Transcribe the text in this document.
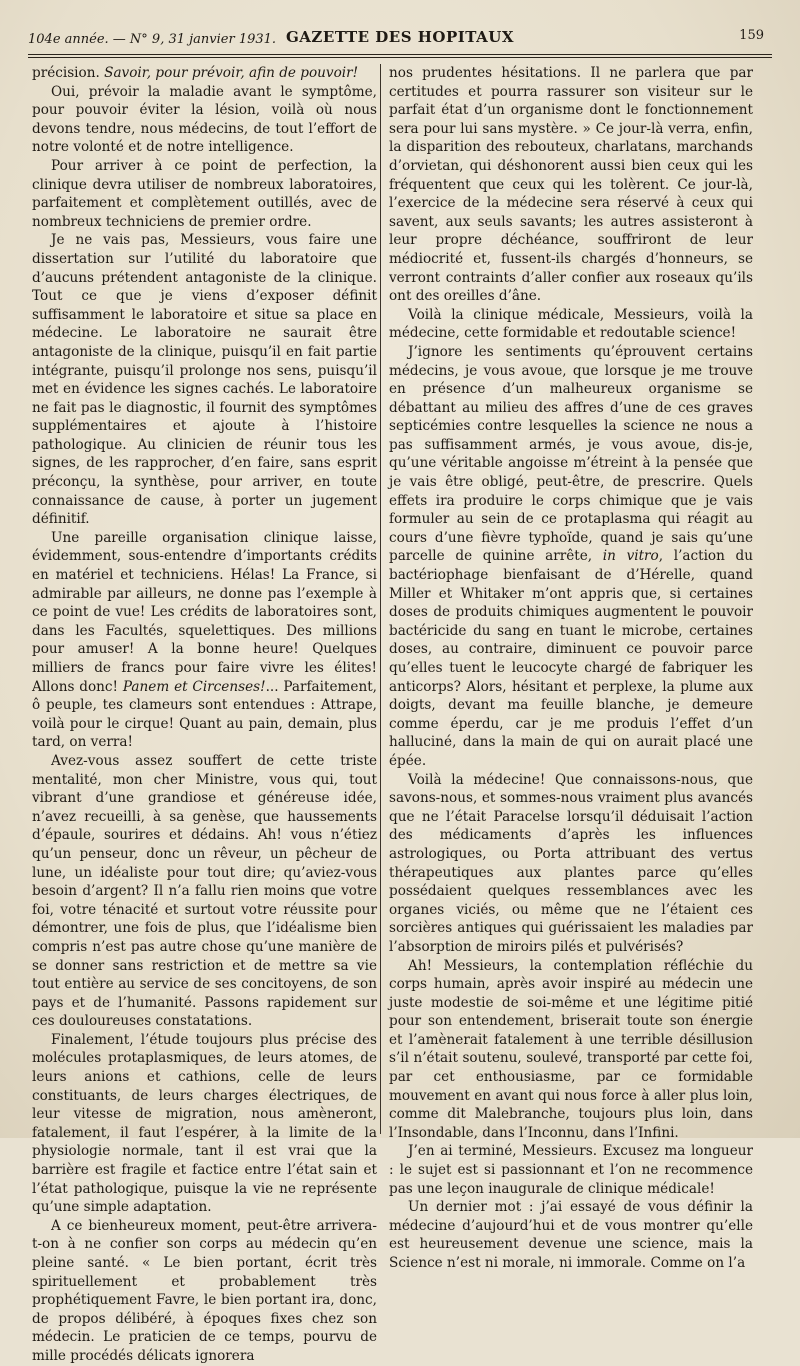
104e année. — N° 9, 31 janvier 1931. GAZETTE DES HOPITAUX	159

précision. Savoir, pour prévoir, afin de pouvoir!

Oui, prévoir la maladie avant le symptôme, pour pouvoir éviter la lésion, voilà où nous devons tendre, nous médecins, de tout l’effort de notre volonté et de notre intelligence.

Pour arriver à ce point de perfection, la clinique devra utiliser de nombreux laboratoires, parfaitement et complètement outillés, avec de nombreux techniciens de premier ordre.

Je ne vais pas, Messieurs, vous faire une dissertation sur l’utilité du laboratoire que d’aucuns prétendent antagoniste de la clinique. Tout ce que je viens d’exposer définit suffisamment le laboratoire et situe sa place en médecine. Le laboratoire ne saurait être antagoniste de la clinique, puisqu’il en fait partie intégrante, puisqu’il prolonge nos sens, puisqu’il met en évidence les signes cachés. Le laboratoire ne fait pas le diagnostic, il fournit des symptômes supplémentaires et ajoute à l’histoire pathologique. Au clinicien de réunir tous les signes, de les rapprocher, d’en faire, sans esprit préconçu, la synthèse, pour arriver, en toute connaissance de cause, à porter un jugement définitif.

Une pareille organisation clinique laisse, évidemment, sous-entendre d’importants crédits en matériel et techniciens. Hélas! La France, si admirable par ailleurs, ne donne pas l’exemple à ce point de vue! Les crédits de laboratoires sont, dans les Facultés, squelettiques. Des millions pour amuser! A la bonne heure! Quelques milliers de francs pour faire vivre les élites! Allons donc! Panem et Circenses!... Parfaitement, ô peuple, tes clameurs sont entendues : Attrape, voilà pour le cirque! Quant au pain, demain, plus tard, on verra!

Avez-vous assez souffert de cette triste mentalité, mon cher Ministre, vous qui, tout vibrant d’une grandiose et généreuse idée, n’avez recueilli, à sa genèse, que haussements d’épaule, sourires et dédains. Ah! vous n’étiez qu’un penseur, donc un rêveur, un pêcheur de lune, un idéaliste pour tout dire; qu’aviez-vous besoin d’argent? Il n’a fallu rien moins que votre foi, votre ténacité et surtout votre réussite pour démontrer, une fois de plus, que l’idéalisme bien compris n’est pas autre chose qu’une manière de se donner sans restriction et de mettre sa vie tout entière au service de ses concitoyens, de son pays et de l’humanité. Passons rapidement sur ces douloureuses constatations.

Finalement, l’étude toujours plus précise des molécules protaplasmiques, de leurs atomes, de leurs anions et cathions, celle de leurs constituants, de leurs charges électriques, de leur vitesse de migration, nous amèneront, fatalement, il faut l’espérer, à la limite de la physiologie normale, tant il est vrai que la barrière est fragile et factice entre l’état sain et l’état pathologique, puisque la vie ne représente qu’une simple adaptation.

A ce bienheureux moment, peut-être arrivera-t-on à ne confier son corps au médecin qu’en pleine santé. « Le bien portant, écrit très spirituellement et probablement très prophétiquement Favre, le bien portant ira, donc, de propos délibéré, à époques fixes chez son médecin. Le praticien de ce temps, pourvu de mille procédés délicats ignorera

nos prudentes hésitations. Il ne parlera que par certitudes et pourra rassurer son visiteur sur le parfait état d’un organisme dont le fonctionnement sera pour lui sans mystère. » Ce jour-là verra, enfin, la disparition des rebouteux, charlatans, marchands d’orvietan, qui déshonorent aussi bien ceux qui les fréquentent que ceux qui les tolèrent. Ce jour-là, l’exercice de la médecine sera réservé à ceux qui savent, aux seuls savants; les autres assisteront à leur propre déchéance, souffriront de leur médiocrité et, fussent-ils chargés d’honneurs, se verront contraints d’aller confier aux roseaux qu’ils ont des oreilles d’âne.

Voilà la clinique médicale, Messieurs, voilà la médecine, cette formidable et redoutable science!

J’ignore les sentiments qu’éprouvent certains médecins, je vous avoue, que lorsque je me trouve en présence d’un malheureux organisme se débattant au milieu des affres d’une de ces graves septicémies contre lesquelles la science ne nous a pas suffisamment armés, je vous avoue, dis-je, qu’une véritable angoisse m’étreint à la pensée que je vais être obligé, peut-être, de prescrire. Quels effets ira produire le corps chimique que je vais formuler au sein de ce protaplasma qui réagit au cours d’une fièvre typhoïde, quand je sais qu’une parcelle de quinine arrête, in vitro, l’action du bactériophage bienfaisant de d’Hérelle, quand Miller et Whitaker m’ont appris que, si certaines doses de produits chimiques augmentent le pouvoir bactéricide du sang en tuant le microbe, certaines doses, au contraire, diminuent ce pouvoir parce qu’elles tuent le leucocyte chargé de fabriquer les anticorps? Alors, hésitant et perplexe, la plume aux doigts, devant ma feuille blanche, je demeure comme éperdu, car je me produis l’effet d’un halluciné, dans la main de qui on aurait placé une épée.

Voilà la médecine! Que connaissons-nous, que savons-nous, et sommes-nous vraiment plus avancés que ne l’était Paracelse lorsqu’il déduisait l’action des médicaments d’après les influences astrologiques, ou Porta attribuant des vertus thérapeutiques aux plantes parce qu’elles possédaient quelques ressemblances avec les organes viciés, ou même que ne l’étaient ces sorcières antiques qui guérissaient les maladies par l’absorption de miroirs pilés et pulvérisés?

Ah! Messieurs, la contemplation réfléchie du corps humain, après avoir inspiré au médecin une juste modestie de soi-même et une légitime pitié pour son entendement, briserait toute son énergie et l’amènerait fatalement à une terrible désillusion s’il n’était soutenu, soulevé, transporté par cette foi, par cet enthousiasme, par ce formidable mouvement en avant qui nous force à aller plus loin, comme dit Malebranche, toujours plus loin, dans l’Insondable, dans l’Inconnu, dans l’Infini.

J’en ai terminé, Messieurs. Excusez ma longueur : le sujet est si passionnant et l’on ne recommence pas une leçon inaugurale de clinique médicale!

Un dernier mot : j’ai essayé de vous définir la médecine d’aujourd’hui et de vous montrer qu’elle est heureusement devenue une science, mais la Science n’est ni morale, ni immorale. Comme on l’a
